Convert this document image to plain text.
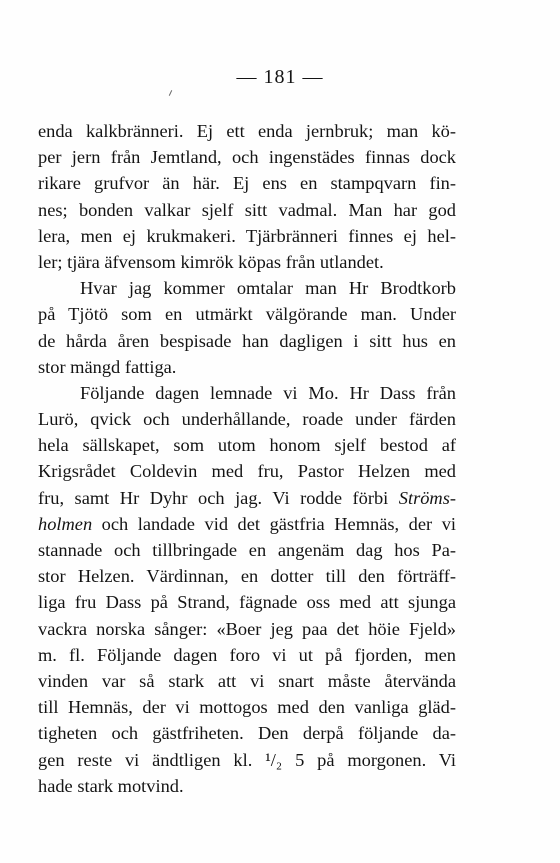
— 181 —
enda kalkbränneri. Ej ett enda jernbruk; man kö-
per jern från Jemtland, och ingenstädes finnas dock
rikare grufvor än här. Ej ens en stampqvarn fin-
nes; bonden valkar sjelf sitt vadmal. Man har god
lera, men ej krukmakeri. Tjärbränneri finnes ej hel-
ler; tjära äfvensom kimrök köpas från utlandet.
Hvar jag kommer omtalar man Hr Brodtkorb
på Tjötö som en utmärkt välgörande man. Under
de hårda åren bespisade han dagligen i sitt hus en
stor mängd fattiga.
Följande dagen lemnade vi Mo. Hr Dass från
Lurö, qvick och underhållande, roade under färden
hela sällskapet, som utom honom sjelf bestod af
Krigsrådet Coldevin med fru, Pastor Helzen med
fru, samt Hr Dyhr och jag. Vi rodde förbi Ströms-
holmen och landade vid det gästfria Hemnäs, der vi
stannade och tillbringade en angenäm dag hos Pa-
stor Helzen. Värdinnan, en dotter till den förträff-
liga fru Dass på Strand, fägnade oss med att sjunga
vackra norska sånger: «Boer jeg paa det höie Fjeld»
m. fl. Följande dagen foro vi ut på fjorden, men
vinden var så stark att vi snart måste återvända
till Hemnäs, der vi mottogos med den vanliga gläd-
tigheten och gästfriheten. Den derpå följande da-
gen reste vi ändtligen kl. ¹/₂ 5 på morgonen. Vi
hade stark motvind.
